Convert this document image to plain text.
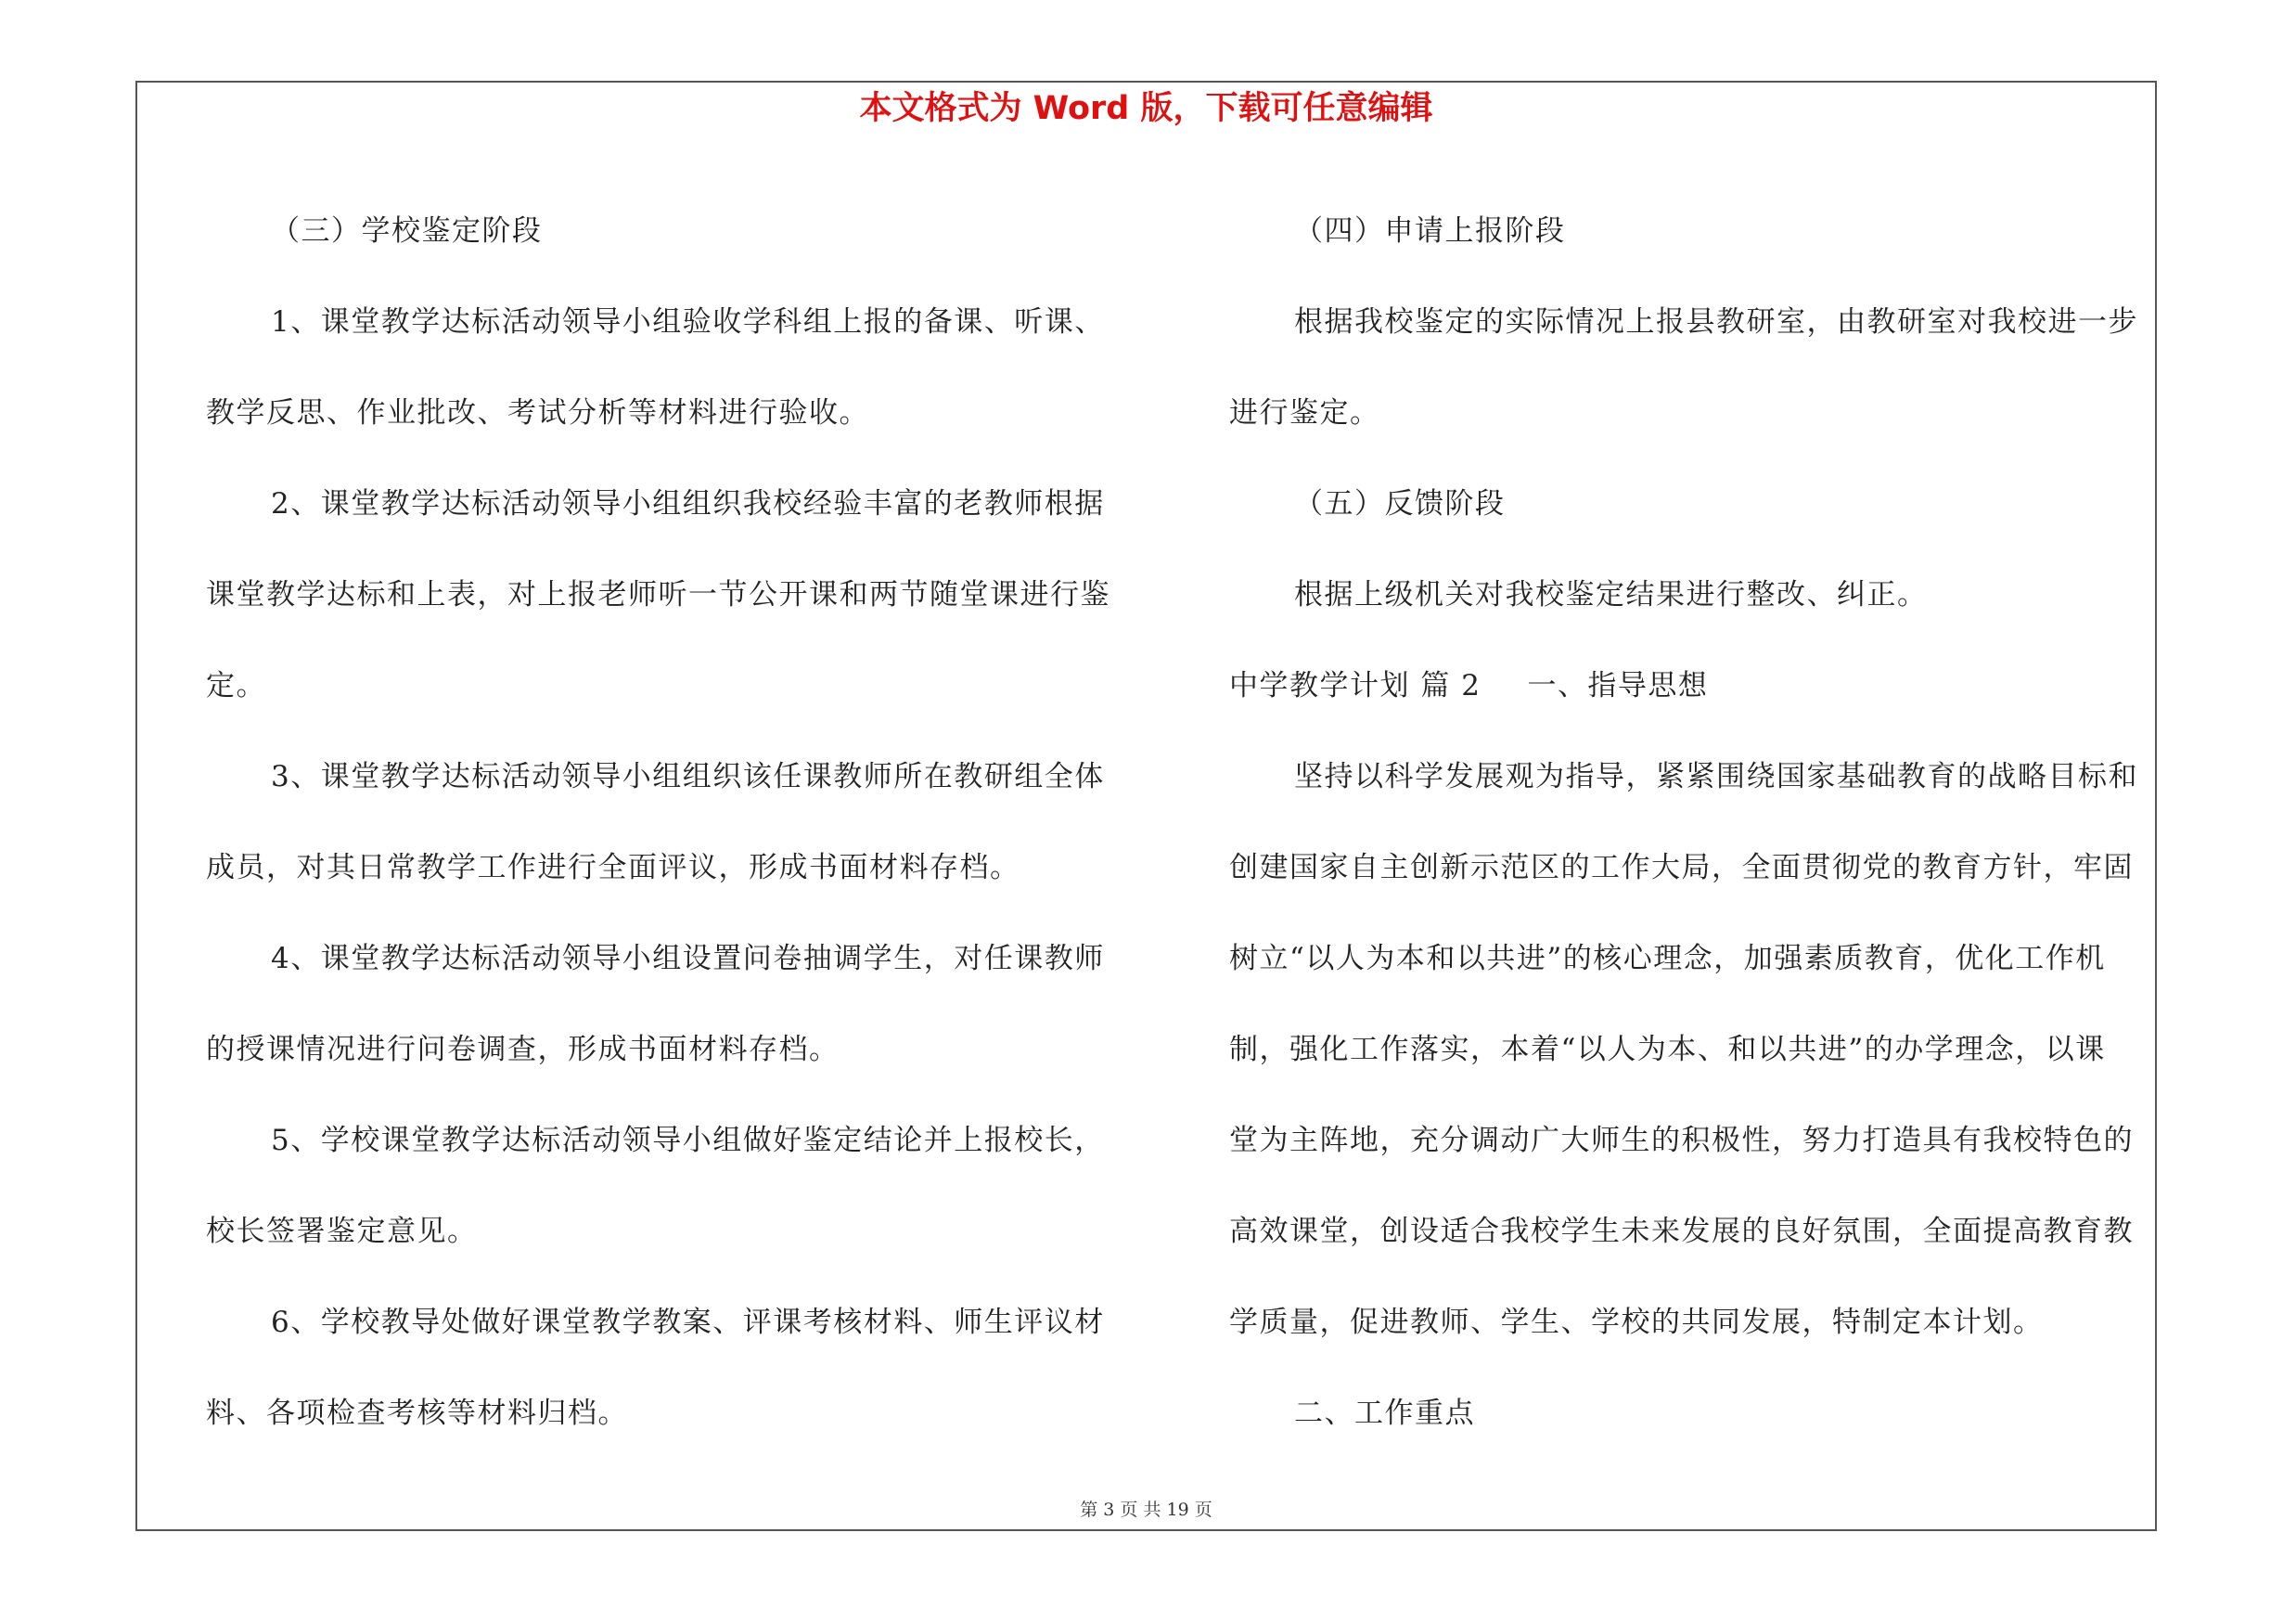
本文格式为 Word 版，下载可任意编辑

（三）学校鉴定阶段

1、课堂教学达标活动领导小组验收学科组上报的备课、听课、

教学反思、作业批改、考试分析等材料进行验收。

2、课堂教学达标活动领导小组组织我校经验丰富的老教师根据

课堂教学达标和上表，对上报老师听一节公开课和两节随堂课进行鉴

定。

3、课堂教学达标活动领导小组组织该任课教师所在教研组全体

成员，对其日常教学工作进行全面评议，形成书面材料存档。

4、课堂教学达标活动领导小组设置问卷抽调学生，对任课教师

的授课情况进行问卷调查，形成书面材料存档。

5、学校课堂教学达标活动领导小组做好鉴定结论并上报校长，

校长签署鉴定意见。

6、学校教导处做好课堂教学教案、评课考核材料、师生评议材

料、各项检查考核等材料归档。

（四）申请上报阶段

根据我校鉴定的实际情况上报县教研室，由教研室对我校进一步

进行鉴定。

（五）反馈阶段

根据上级机关对我校鉴定结果进行整改、纠正。

中学教学计划 篇 2 一、指导思想

坚持以科学发展观为指导，紧紧围绕国家基础教育的战略目标和

创建国家自主创新示范区的工作大局，全面贯彻党的教育方针，牢固

树立“以人为本和以共进”的核心理念，加强素质教育，优化工作机

制，强化工作落实，本着“以人为本、和以共进”的办学理念，以课

堂为主阵地，充分调动广大师生的积极性，努力打造具有我校特色的

高效课堂，创设适合我校学生未来发展的良好氛围，全面提高教育教

学质量，促进教师、学生、学校的共同发展，特制定本计划。

二、工作重点

第 3 页 共 19 页
